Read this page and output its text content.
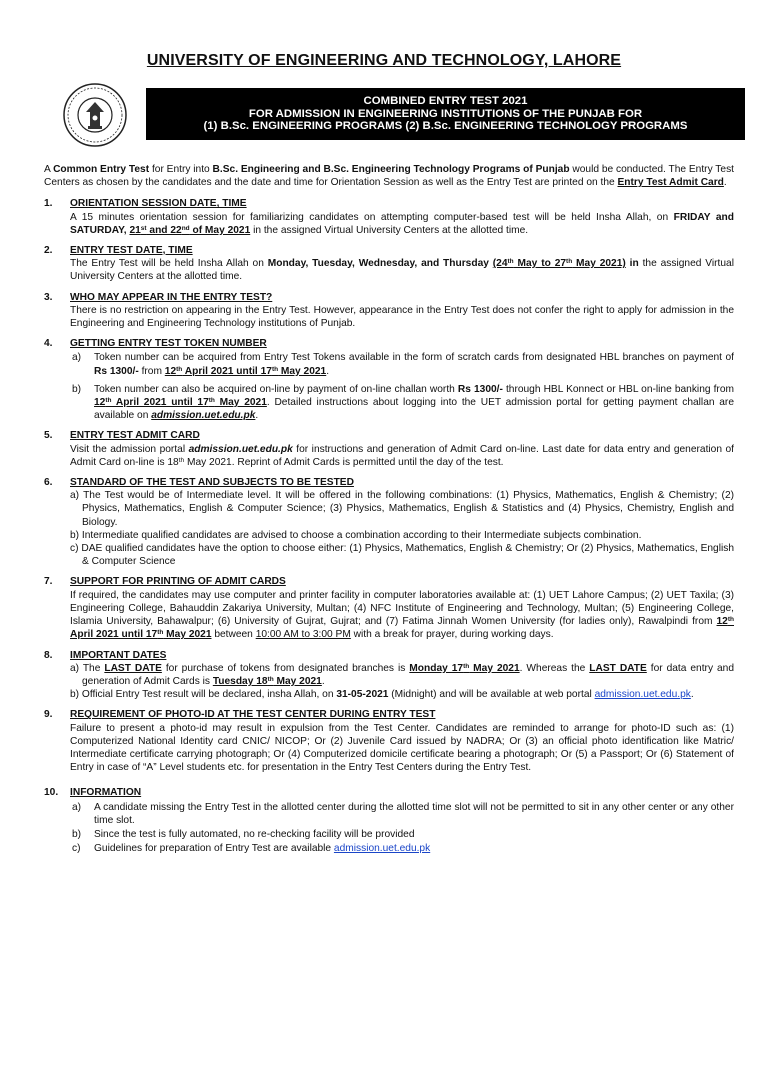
UNIVERSITY OF ENGINEERING AND TECHNOLOGY, LAHORE
COMBINED ENTRY TEST 2021
FOR ADMISSION IN ENGINEERING INSTITUTIONS OF THE PUNJAB FOR
(1) B.Sc. ENGINEERING PROGRAMS (2) B.Sc. ENGINEERING TECHNOLOGY PROGRAMS

A Common Entry Test for Entry into B.Sc. Engineering and B.Sc. Engineering Technology Programs of Punjab would be conducted. The Entry Test Centers as chosen by the candidates and the date and time for Orientation Session as well as the Entry Test are printed on the Entry Test Admit Card.

1. ORIENTATION SESSION DATE, TIME
A 15 minutes orientation session for familiarizing candidates on attempting computer-based test will be held Insha Allah, on FRIDAY and SATURDAY, 21st and 22nd of May 2021 in the assigned Virtual University Centers at the allotted time.
2. ENTRY TEST DATE, TIME
The Entry Test will be held Insha Allah on Monday, Tuesday, Wednesday, and Thursday (24th May to 27th May 2021) in the assigned Virtual University Centers at the allotted time.
3. WHO MAY APPEAR IN THE ENTRY TEST?
There is no restriction on appearing in the Entry Test. However, appearance in the Entry Test does not confer the right to apply for admission in the Engineering and Engineering Technology institutions of Punjab.
4. GETTING ENTRY TEST TOKEN NUMBER
a) Token number can be acquired from Entry Test Tokens available in the form of scratch cards from designated HBL branches on payment of Rs 1300/- from 12th April 2021 until 17th May 2021.
b) Token number can also be acquired on-line by payment of on-line challan worth Rs 1300/- through HBL Konnect or HBL on-line banking from 12th April 2021 until 17th May 2021. Detailed instructions about logging into the UET admission portal for getting payment challan are available on admission.uet.edu.pk.
5. ENTRY TEST ADMIT CARD
Visit the admission portal admission.uet.edu.pk for instructions and generation of Admit Card on-line. Last date for data entry and generation of Admit Card on-line is 18th May 2021. Reprint of Admit Cards is permitted until the day of the test.
6. STANDARD OF THE TEST AND SUBJECTS TO BE TESTED
a) The Test would be of Intermediate level. It will be offered in the following combinations: (1) Physics, Mathematics, English & Chemistry; (2) Physics, Mathematics, English & Computer Science; (3) Physics, Mathematics, English & Statistics and (4) Physics, Chemistry, English and Biology.
b) Intermediate qualified candidates are advised to choose a combination according to their Intermediate subjects combination.
c) DAE qualified candidates have the option to choose either: (1) Physics, Mathematics, English & Chemistry; Or (2) Physics, Mathematics, English & Computer Science
7. SUPPORT FOR PRINTING OF ADMIT CARDS
If required, the candidates may use computer and printer facility in computer laboratories available at: (1) UET Lahore Campus; (2) UET Taxila; (3) Engineering College, Bahauddin Zakariya University, Multan; (4) NFC Institute of Engineering and Technology, Multan; (5) Engineering College, Islamia University, Bahawalpur; (6) University of Gujrat, Gujrat; and (7) Fatima Jinnah Women University (for ladies only), Rawalpindi from 12th April 2021 until 17th May 2021 between 10:00 AM to 3:00 PM with a break for prayer, during working days.
8. IMPORTANT DATES
a) The LAST DATE for purchase of tokens from designated branches is Monday 17th May 2021. Whereas the LAST DATE for data entry and generation of Admit Cards is Tuesday 18th May 2021.
b) Official Entry Test result will be declared, insha Allah, on 31-05-2021 (Midnight) and will be available at web portal admission.uet.edu.pk.
9. REQUIREMENT OF PHOTO-ID AT THE TEST CENTER DURING ENTRY TEST
Failure to present a photo-id may result in expulsion from the Test Center. Candidates are reminded to arrange for photo-ID such as: (1) Computerized National Identity card CNIC/ NICOP; Or (2) Juvenile Card issued by NADRA; Or (3) an official photo identification like Matric/ Intermediate certificate carrying photograph; Or (4) Computerized domicile certificate bearing a photograph; Or (5) a Passport; Or (6) Statement of Entry in case of “A” Level students etc. for presentation in the Entry Test Centers during the Entry Test.
10. INFORMATION
a) A candidate missing the Entry Test in the allotted center during the allotted time slot will not be permitted to sit in any other center or any other time slot.
b) Since the test is fully automated, no re-checking facility will be provided
c) Guidelines for preparation of Entry Test are available admission.uet.edu.pk
